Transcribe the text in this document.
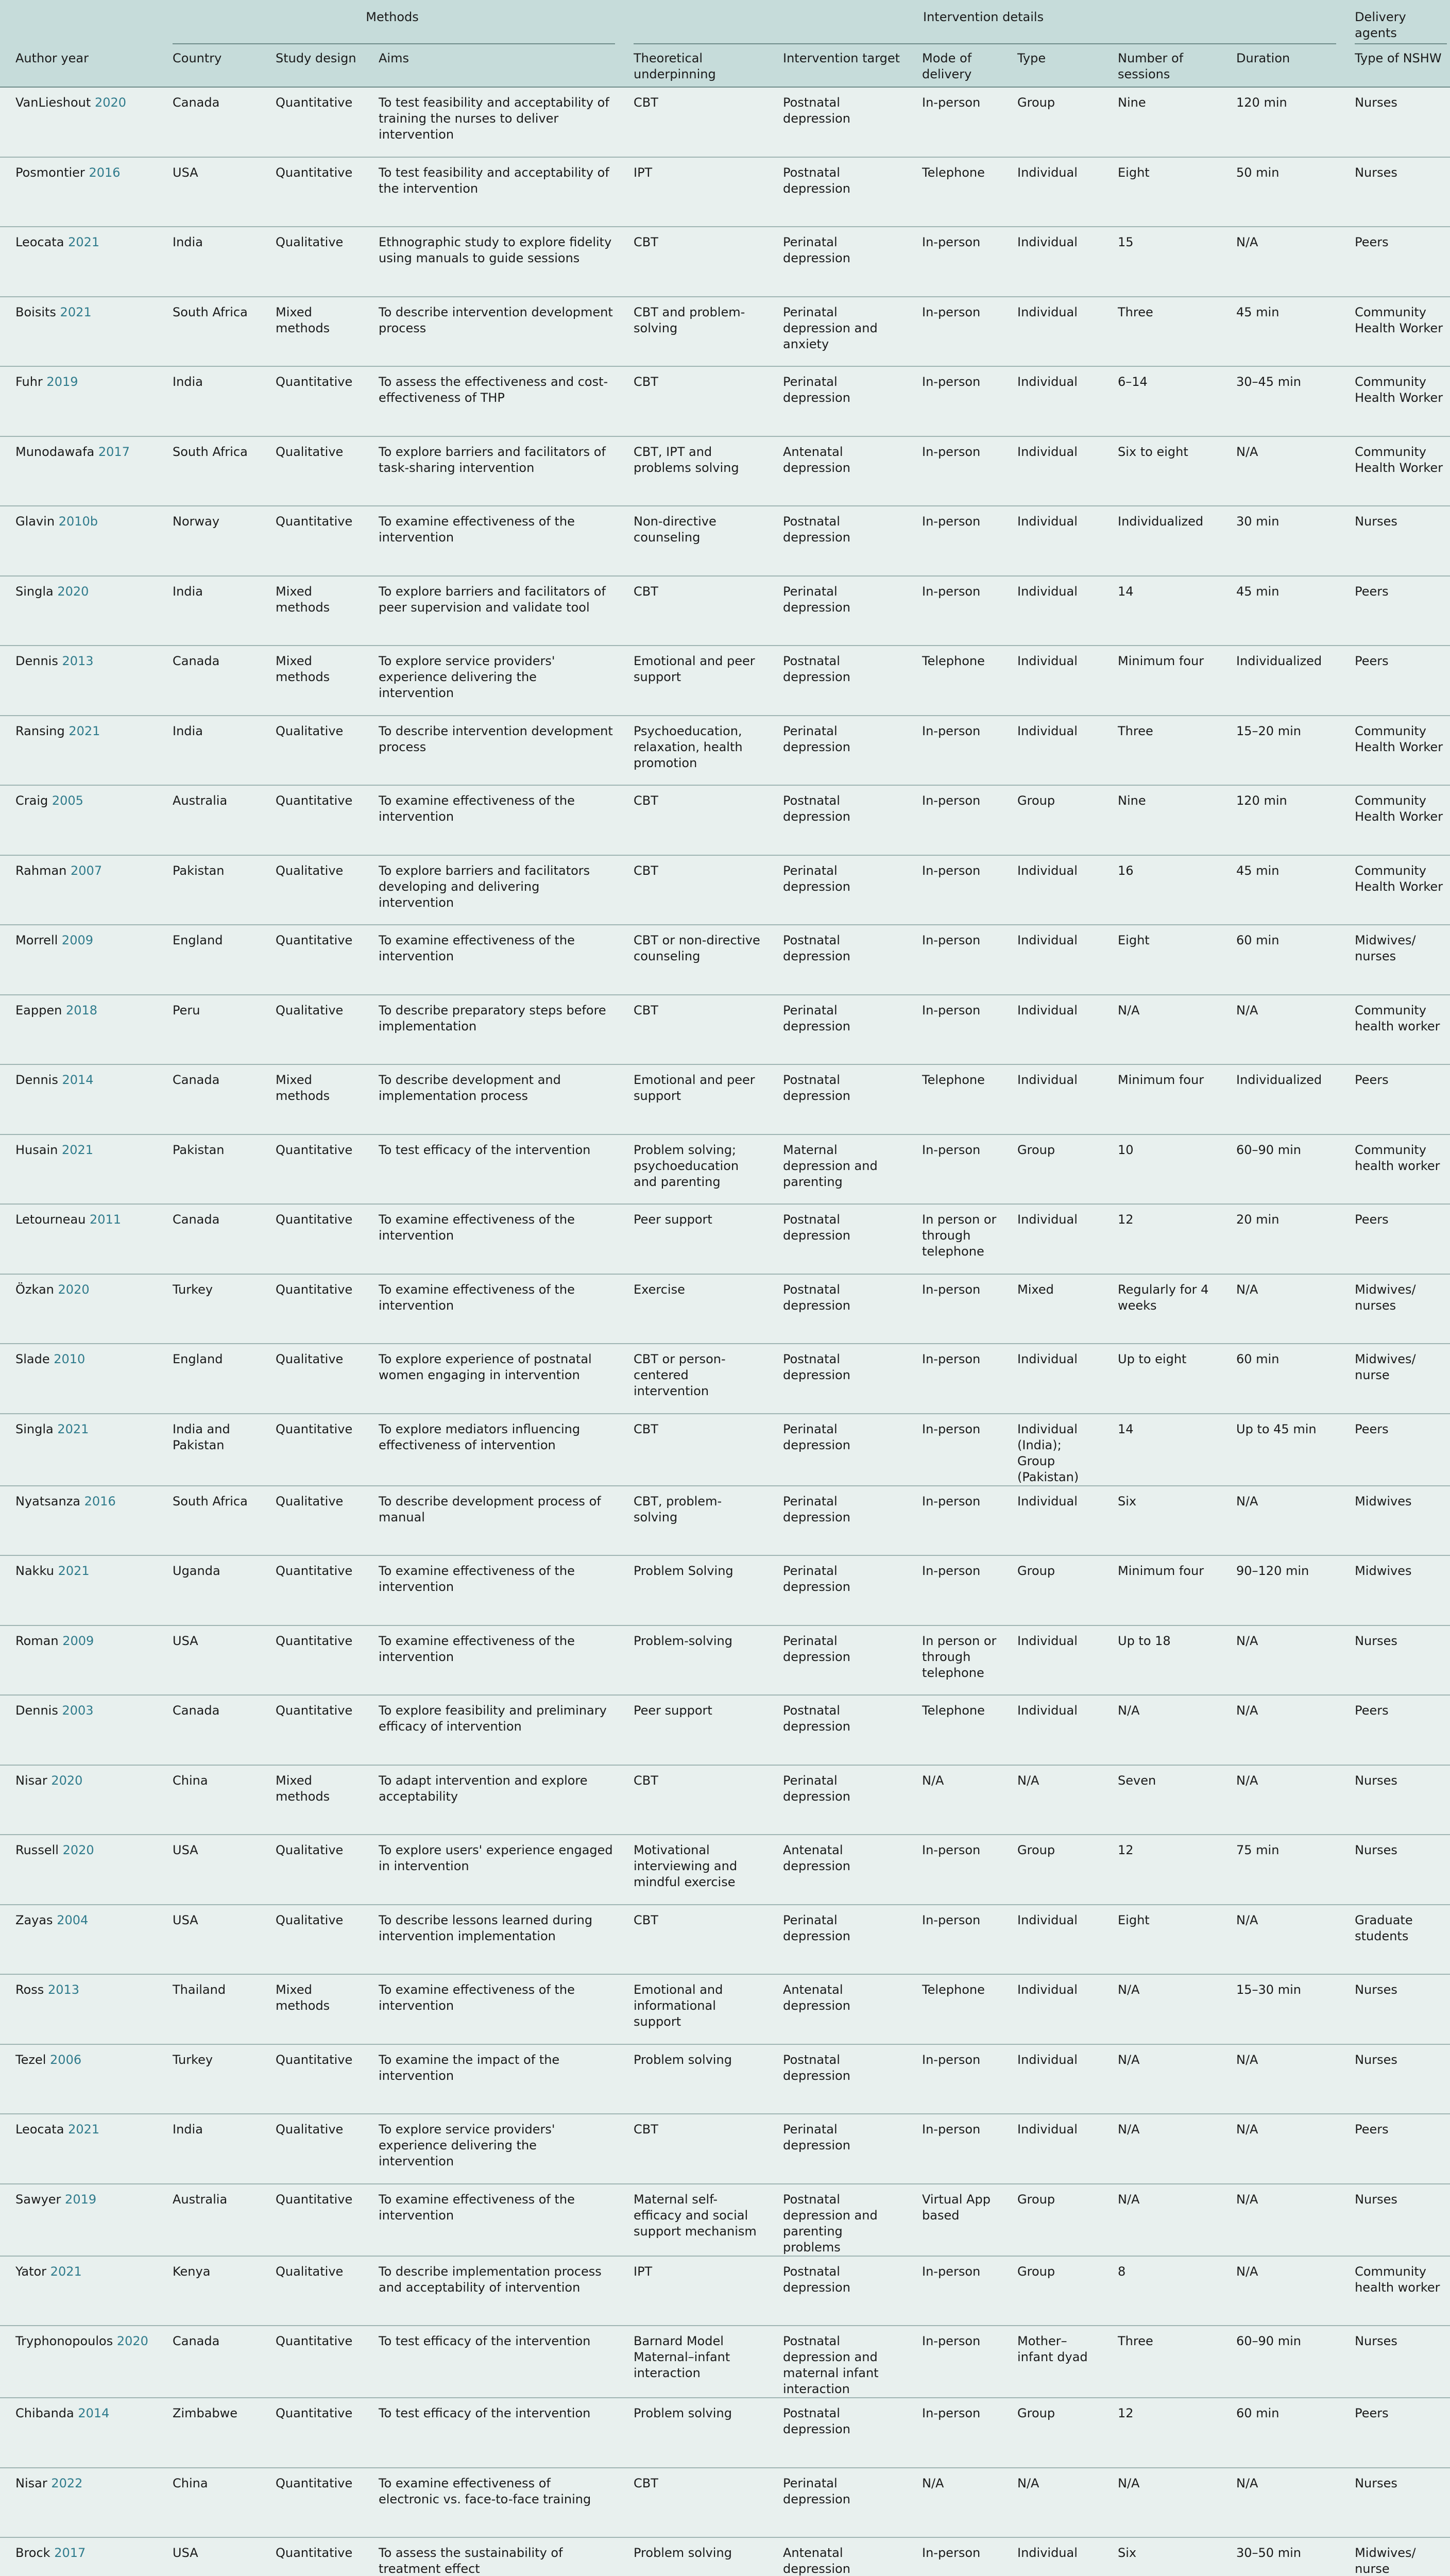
	Methods			Intervention details						Delivery agents
Author year	Country	Study design	Aims	Theoretical underpinning	Intervention target	Mode of delivery	Type	Number of sessions	Duration	Type of NSHW
VanLieshout 2020	Canada	Quantitative	To test feasibility and acceptability of training the nurses to deliver intervention	CBT	Postnatal depression	In-person	Group	Nine	120 min	Nurses
Posmontier 2016	USA	Quantitative	To test feasibility and acceptability of the intervention	IPT	Postnatal depression	Telephone	Individual	Eight	50 min	Nurses
Leocata 2021	India	Qualitative	Ethnographic study to explore fidelity using manuals to guide sessions	CBT	Perinatal depression	In-person	Individual	15	N/A	Peers
Boisits 2021	South Africa	Mixed methods	To describe intervention development process	CBT and problem-solving	Perinatal depression and anxiety	In-person	Individual	Three	45 min	Community Health Worker
Fuhr 2019	India	Quantitative	To assess the effectiveness and cost-effectiveness of THP	CBT	Perinatal depression	In-person	Individual	6–14	30–45 min	Community Health Worker
Munodawafa 2017	South Africa	Qualitative	To explore barriers and facilitators of task-sharing intervention	CBT, IPT and problems solving	Antenatal depression	In-person	Individual	Six to eight	N/A	Community Health Worker
Glavin 2010b	Norway	Quantitative	To examine effectiveness of the intervention	Non-directive counseling	Postnatal depression	In-person	Individual	Individualized	30 min	Nurses
Singla 2020	India	Mixed methods	To explore barriers and facilitators of peer supervision and validate tool	CBT	Perinatal depression	In-person	Individual	14	45 min	Peers
Dennis 2013	Canada	Mixed methods	To explore service providers' experience delivering the intervention	Emotional and peer support	Postnatal depression	Telephone	Individual	Minimum four	Individualized	Peers
Ransing 2021	India	Qualitative	To describe intervention development process	Psychoeducation, relaxation, health promotion	Perinatal depression	In-person	Individual	Three	15–20 min	Community Health Worker
Craig 2005	Australia	Quantitative	To examine effectiveness of the intervention	CBT	Postnatal depression	In-person	Group	Nine	120 min	Community Health Worker
Rahman 2007	Pakistan	Qualitative	To explore barriers and facilitators developing and delivering intervention	CBT	Perinatal depression	In-person	Individual	16	45 min	Community Health Worker
Morrell 2009	England	Quantitative	To examine effectiveness of the intervention	CBT or non-directive counseling	Postnatal depression	In-person	Individual	Eight	60 min	Midwives/ nurses
Eappen 2018	Peru	Qualitative	To describe preparatory steps before implementation	CBT	Perinatal depression	In-person	Individual	N/A	N/A	Community health worker
Dennis 2014	Canada	Mixed methods	To describe development and implementation process	Emotional and peer support	Postnatal depression	Telephone	Individual	Minimum four	Individualized	Peers
Husain 2021	Pakistan	Quantitative	To test efficacy of the intervention	Problem solving; psychoeducation and parenting	Maternal depression and parenting	In-person	Group	10	60–90 min	Community health worker
Letourneau 2011	Canada	Quantitative	To examine effectiveness of the intervention	Peer support	Postnatal depression	In person or through telephone	Individual	12	20 min	Peers
Özkan 2020	Turkey	Quantitative	To examine effectiveness of the intervention	Exercise	Postnatal depression	In-person	Mixed	Regularly for 4 weeks	N/A	Midwives/ nurses
Slade 2010	England	Qualitative	To explore experience of postnatal women engaging in intervention	CBT or person-centered intervention	Postnatal depression	In-person	Individual	Up to eight	60 min	Midwives/ nurse
Singla 2021	India and Pakistan	Quantitative	To explore mediators influencing effectiveness of intervention	CBT	Perinatal depression	In-person	Individual (India); Group (Pakistan)	14	Up to 45 min	Peers
Nyatsanza 2016	South Africa	Qualitative	To describe development process of manual	CBT, problem-solving	Perinatal depression	In-person	Individual	Six	N/A	Midwives
Nakku 2021	Uganda	Quantitative	To examine effectiveness of the intervention	Problem Solving	Perinatal depression	In-person	Group	Minimum four	90–120 min	Midwives
Roman 2009	USA	Quantitative	To examine effectiveness of the intervention	Problem-solving	Perinatal depression	In person or through telephone	Individual	Up to 18	N/A	Nurses
Dennis 2003	Canada	Quantitative	To explore feasibility and preliminary efficacy of intervention	Peer support	Postnatal depression	Telephone	Individual	N/A	N/A	Peers
Nisar 2020	China	Mixed methods	To adapt intervention and explore acceptability	CBT	Perinatal depression	N/A	N/A	Seven	N/A	Nurses
Russell 2020	USA	Qualitative	To explore users' experience engaged in intervention	Motivational interviewing and mindful exercise	Antenatal depression	In-person	Group	12	75 min	Nurses
Zayas 2004	USA	Qualitative	To describe lessons learned during intervention implementation	CBT	Perinatal depression	In-person	Individual	Eight	N/A	Graduate students
Ross 2013	Thailand	Mixed methods	To examine effectiveness of the intervention	Emotional and informational support	Antenatal depression	Telephone	Individual	N/A	15–30 min	Nurses
Tezel 2006	Turkey	Quantitative	To examine the impact of the intervention	Problem solving	Postnatal depression	In-person	Individual	N/A	N/A	Nurses
Leocata 2021	India	Qualitative	To explore service providers' experience delivering the intervention	CBT	Perinatal depression	In-person	Individual	N/A	N/A	Peers
Sawyer 2019	Australia	Quantitative	To examine effectiveness of the intervention	Maternal self-efficacy and social support mechanism	Postnatal depression and parenting problems	Virtual App based	Group	N/A	N/A	Nurses
Yator 2021	Kenya	Qualitative	To describe implementation process and acceptability of intervention	IPT	Postnatal depression	In-person	Group	8	N/A	Community health worker
Tryphonopoulos 2020	Canada	Quantitative	To test efficacy of the intervention	Barnard Model Maternal–infant interaction	Postnatal depression and maternal infant interaction	In-person	Mother–infant dyad	Three	60–90 min	Nurses
Chibanda 2014	Zimbabwe	Quantitative	To test efficacy of the intervention	Problem solving	Postnatal depression	In-person	Group	12	60 min	Peers
Nisar 2022	China	Quantitative	To examine effectiveness of electronic vs. face-to-face training	CBT	Perinatal depression	N/A	N/A	N/A	N/A	Nurses
Brock 2017	USA	Quantitative	To assess the sustainability of treatment effect	Problem solving	Antenatal depression	In-person	Individual	Six	30–50 min	Midwives/ nurse
